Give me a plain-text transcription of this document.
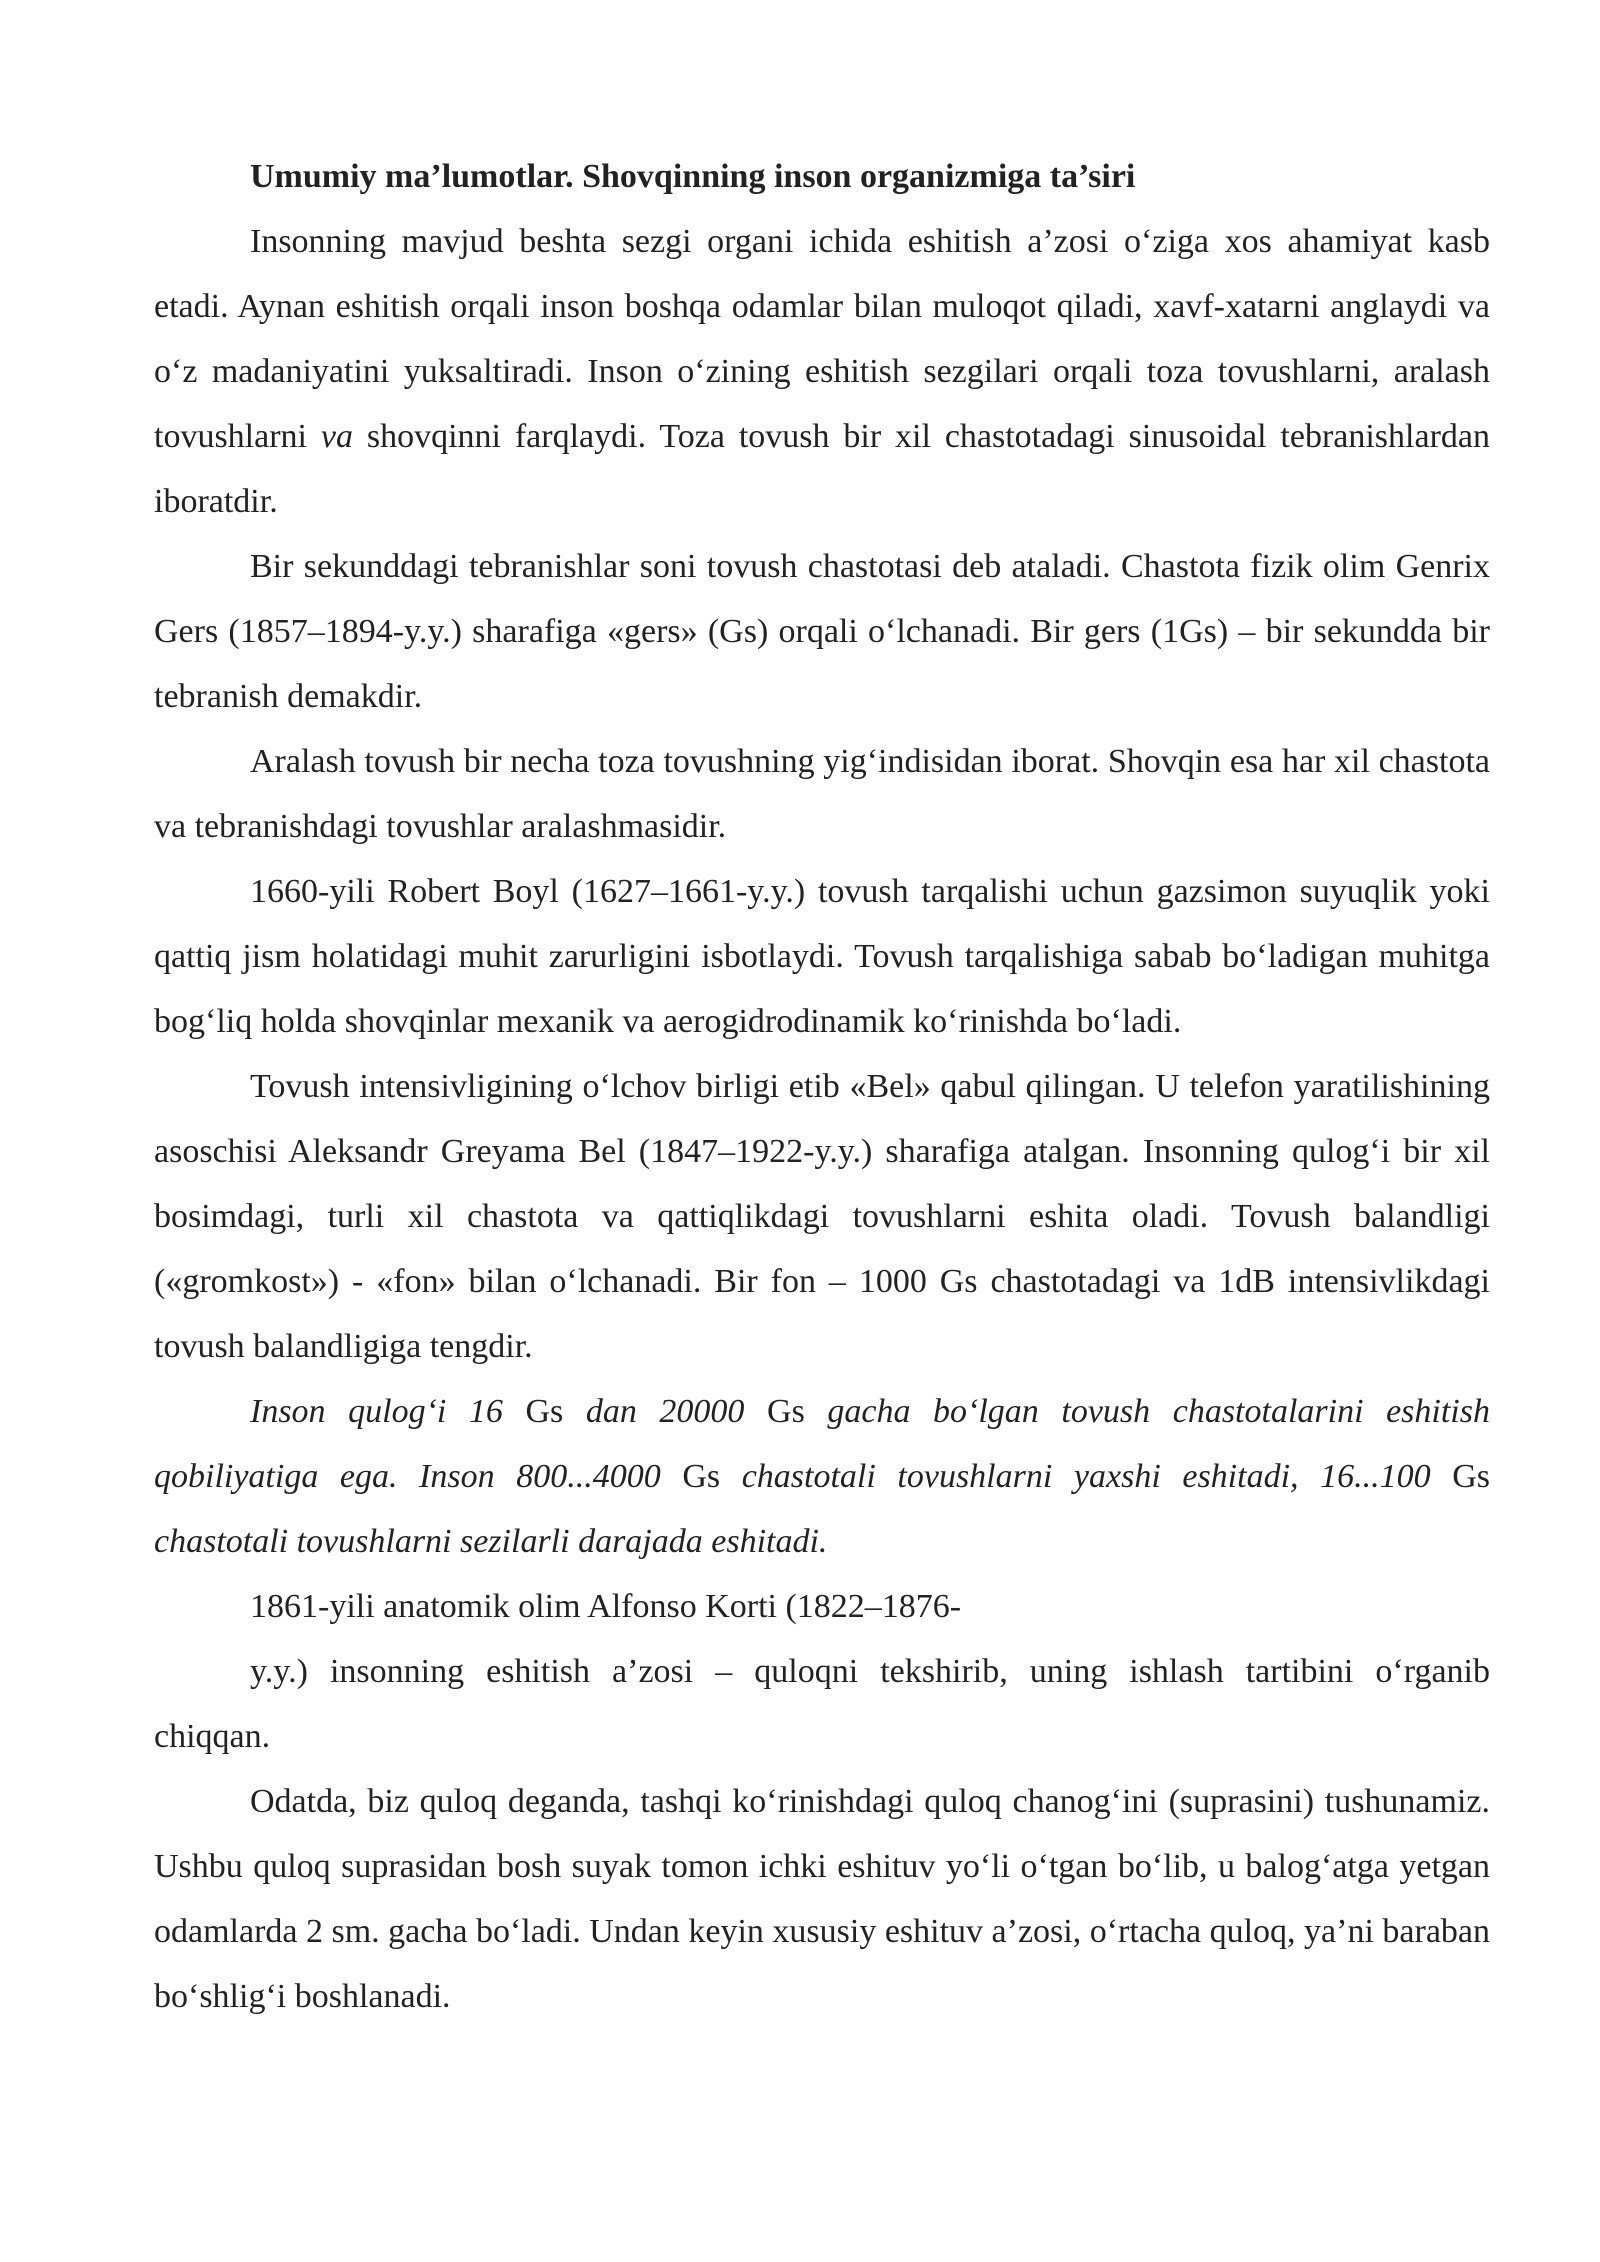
Umumiy ma’lumotlar. Shovqinning inson organizmiga ta’siri

Insonning mavjud beshta sezgi organi ichida eshitish a’zosi o‘ziga xos ahamiyat kasb etadi. Aynan eshitish orqali inson boshqa odamlar bilan muloqot qiladi, xavf-xatarni anglaydi va o‘z madaniyatini yuksaltiradi. Inson o‘zining eshitish sezgilari orqali toza tovushlarni, aralash tovushlarni va shovqinni farqlaydi. Toza tovush bir xil chastotadagi sinusoidal tebranishlardan iboratdir.

Bir sekunddagi tebranishlar soni tovush chastotasi deb ataladi. Chastota fizik olim Genrix Gers (1857–1894-y.y.) sharafiga «gers» (Gs) orqali o‘lchanadi. Bir gers (1Gs) – bir sekundda bir tebranish demakdir.

Aralash tovush bir necha toza tovushning yig‘indisidan iborat. Shovqin esa har xil chastota va tebranishdagi tovushlar aralashmasidir.

1660-yili Robert Boyl (1627–1661-y.y.) tovush tarqalishi uchun gazsimon suyuqlik yoki qattiq jism holatidagi muhit zarurligini isbotlaydi. Tovush tarqalishiga sabab bo‘ladigan muhitga bog‘liq holda shovqinlar mexanik va aerogidrodinamik ko‘rinishda bo‘ladi.

Tovush intensivligining o‘lchov birligi etib «Bel» qabul qilingan. U telefon yaratilishining asoschisi Aleksandr Greyama Bel (1847–1922-y.y.) sharafiga atalgan. Insonning qulog‘i bir xil bosimdagi, turli xil chastota va qattiqlikdagi tovushlarni eshita oladi. Tovush balandligi («gromkost») - «fon» bilan o‘lchanadi. Bir fon – 1000 Gs chastotadagi va 1dB intensivlikdagi tovush balandligiga tengdir.

Inson qulog‘i 16 Gs dan 20000 Gs gacha bo‘lgan tovush chastotalarini eshitish qobiliyatiga ega. Inson 800...4000 Gs chastotali tovushlarni yaxshi eshitadi, 16...100 Gs chastotali tovushlarni sezilarli darajada eshitadi.

1861-yili anatomik olim Alfonso Korti (1822–1876-

y.y.) insonning eshitish a’zosi – quloqni tekshirib, uning ishlash tartibini o‘rganib
chiqqan.

Odatda, biz quloq deganda, tashqi ko‘rinishdagi quloq chanog‘ini (suprasini) tushunamiz. Ushbu quloq suprasidan bosh suyak tomon ichki eshituv yo‘li o‘tgan bo‘lib, u balog‘atga yetgan odamlarda 2 sm. gacha bo‘ladi. Undan keyin xususiy eshituv a’zosi, o‘rtacha quloq, ya’ni baraban bo‘shlig‘i boshlanadi.
